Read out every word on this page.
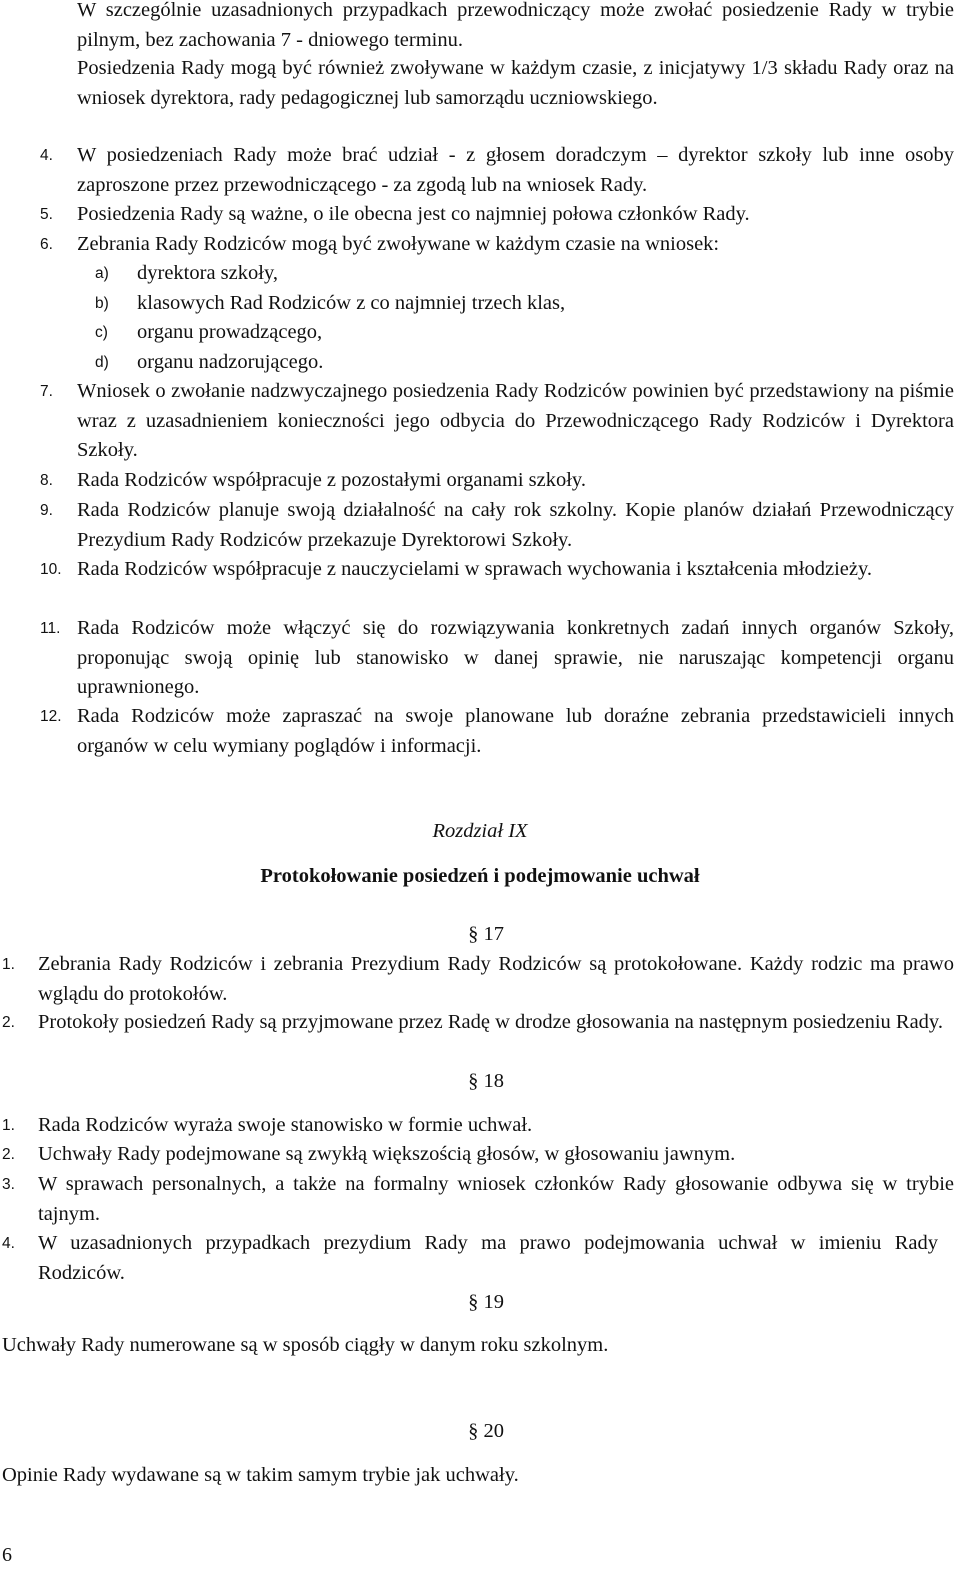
W szczególnie uzasadnionych przypadkach przewodniczący może zwołać posiedzenie Rady w trybie pilnym, bez zachowania 7 - dniowego terminu.
Posiedzenia Rady mogą być również zwoływane w każdym czasie, z inicjatywy 1/3 składu Rady oraz na wniosek dyrektora, rady pedagogicznej lub samorządu uczniowskiego.
4. W posiedzeniach Rady może brać udział - z głosem doradczym – dyrektor szkoły lub inne osoby zaproszone przez przewodniczącego - za zgodą lub na wniosek Rady.
5. Posiedzenia Rady są ważne, o ile obecna jest co najmniej połowa członków Rady.
6. Zebrania Rady Rodziców mogą być zwoływane w każdym czasie na wniosek:
a) dyrektora szkoły,
b) klasowych Rad Rodziców z co najmniej trzech klas,
c) organu prowadzącego,
d) organu nadzorującego.
7. Wniosek o zwołanie nadzwyczajnego posiedzenia Rady Rodziców powinien być przedstawiony na piśmie wraz z uzasadnieniem konieczności jego odbycia do Przewodniczącego Rady Rodziców i Dyrektora Szkoły.
8. Rada Rodziców współpracuje z pozostałymi organami szkoły.
9. Rada Rodziców planuje swoją działalność na cały rok szkolny. Kopie planów działań Przewodniczący Prezydium Rady Rodziców przekazuje Dyrektorowi Szkoły.
10. Rada Rodziców współpracuje z nauczycielami w sprawach wychowania i kształcenia młodzieży.
11. Rada Rodziców może włączyć się do rozwiązywania konkretnych zadań innych organów Szkoły, proponując swoją opinię lub stanowisko w danej sprawie, nie naruszając kompetencji organu uprawnionego.
12. Rada Rodziców może zapraszać na swoje planowane lub doraźne zebrania przedstawicieli innych organów w celu wymiany poglądów i informacji.
Rozdział IX
Protokołowanie posiedzeń i podejmowanie uchwał
§ 17
1. Zebrania Rady Rodziców i zebrania Prezydium Rady Rodziców są protokołowane. Każdy rodzic ma prawo wglądu do protokołów.
2. Protokoły posiedzeń Rady są przyjmowane przez Radę w drodze głosowania na następnym posiedzeniu Rady.
§ 18
1. Rada Rodziców wyraża swoje stanowisko w formie uchwał.
2. Uchwały Rady podejmowane są zwykłą większością głosów, w głosowaniu jawnym.
3. W sprawach personalnych, a także na formalny wniosek członków Rady głosowanie odbywa się w trybie tajnym.
4. W uzasadnionych przypadkach prezydium Rady ma prawo podejmowania uchwał w imieniu Rady Rodziców.
§ 19
Uchwały Rady numerowane są w sposób ciągły w danym roku szkolnym.
§ 20
Opinie Rady wydawane są w takim samym trybie jak uchwały.
6
